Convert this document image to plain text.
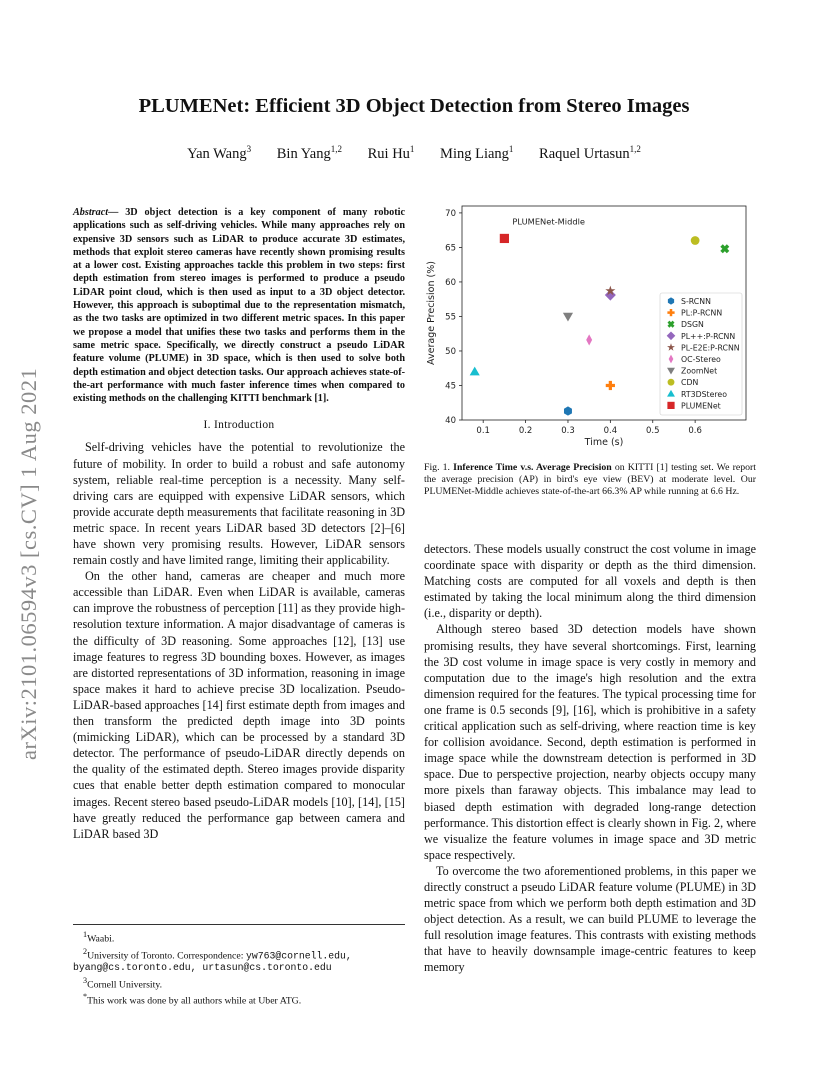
arXiv:2101.06594v3 [cs.CV] 1 Aug 2021
PLUMENet: Efficient 3D Object Detection from Stereo Images
Yan Wang$^3$ Bin Yang$^{1,2}$ Rui Hu$^1$ Ming Liang$^1$ Raquel Urtasun$^{1,2}$
Abstract— 3D object detection is a key component of many robotic applications such as self-driving vehicles. While many approaches rely on expensive 3D sensors such as LiDAR to produce accurate 3D estimates, methods that exploit stereo cameras have recently shown promising results at a lower cost. Existing approaches tackle this problem in two steps: first depth estimation from stereo images is performed to produce a pseudo LiDAR point cloud, which is then used as input to a 3D object detector. However, this approach is suboptimal due to the representation mismatch, as the two tasks are optimized in two different metric spaces. In this paper we propose a model that unifies these two tasks and performs them in the same metric space. Specifically, we directly construct a pseudo LiDAR feature volume (PLUME) in 3D space, which is then used to solve both depth estimation and object detection tasks. Our approach achieves state-of-the-art performance with much faster inference times when compared to existing methods on the challenging KITTI benchmark [1].
I. Introduction

Self-driving vehicles have the potential to revolutionize the future of mobility. In order to build a robust and safe autonomy system, reliable real-time perception is a necessity. Many self-driving cars are equipped with expensive LiDAR sensors, which provide accurate depth measurements that facilitate reasoning in 3D metric space. In recent years LiDAR based 3D detectors [2]–[6] have shown very promising results. However, LiDAR sensors remain costly and have limited range, limiting their applicability.

On the other hand, cameras are cheaper and much more accessible than LiDAR. Even when LiDAR is available, cameras can improve the robustness of perception [11] as they provide high-resolution texture information. A major disadvantage of cameras is the difficulty of 3D reasoning. Some approaches [12], [13] use image features to regress 3D bounding boxes. However, as images are distorted representations of 3D information, reasoning in image space makes it hard to achieve precise 3D localization. Pseudo-LiDAR-based approaches [14] first estimate depth from images and then transform the predicted depth image into 3D points (mimicking LiDAR), which can be processed by a standard 3D detector. The performance of pseudo-LiDAR directly depends on the quality of the estimated depth. Stereo images provide disparity cues that enable better depth estimation compared to monocular images. Recent stereo based pseudo-LiDAR models [10], [14], [15] have greatly reduced the performance gap between camera and LiDAR based 3D

$^1$Waabi.
$^2$University of Toronto. Correspondence: yw763@cornell.edu,
byang@cs.toronto.edu, urtasun@cs.toronto.edu
$^3$Cornell University.
*This work was done by all authors while at Uber ATG.
0.1	0.2	0.3	0.4	0.5	0.6
40
45
50
55
60
65
70
Time (s)
Average Precision (%)
PLUMENet-Middle
S-RCNN
PL:P-RCNN
DSGN
PL++:P-RCNN
PL-E2E:P-RCNN
OC-Stereo
ZoomNet
CDN
RT3DStereo
PLUMENet
Fig. 1. Inference Time v.s. Average Precision on KITTI [1] testing set. We report the average precision (AP) in bird's eye view (BEV) at moderate level. Our PLUMENet-Middle achieves state-of-the-art 66.3% AP while running at 6.6 Hz.

detectors. These models usually construct the cost volume in image coordinate space with disparity or depth as the third dimension. Matching costs are computed for all voxels and depth is then estimated by taking the local minimum along the third dimension (i.e., disparity or depth).

Although stereo based 3D detection models have shown promising results, they have several shortcomings. First, learning the 3D cost volume in image space is very costly in memory and computation due to the image's high resolution and the extra dimension required for the features. The typical processing time for one frame is 0.5 seconds [9], [16], which is prohibitive in a safety critical application such as self-driving, where reaction time is key for collision avoidance. Second, depth estimation is performed in image space while the downstream detection is performed in 3D space. Due to perspective projection, nearby objects occupy many more pixels than faraway objects. This imbalance may lead to biased depth estimation with degraded long-range detection performance. This distortion effect is clearly shown in Fig. 2, where we visualize the feature volumes in image space and 3D metric space respectively.

To overcome the two aforementioned problems, in this paper we directly construct a pseudo LiDAR feature volume (PLUME) in 3D metric space from which we perform both depth estimation and 3D object detection. As a result, we can build PLUME to leverage the full resolution image features. This contrasts with existing methods that have to heavily downsample image-centric features to keep memory
